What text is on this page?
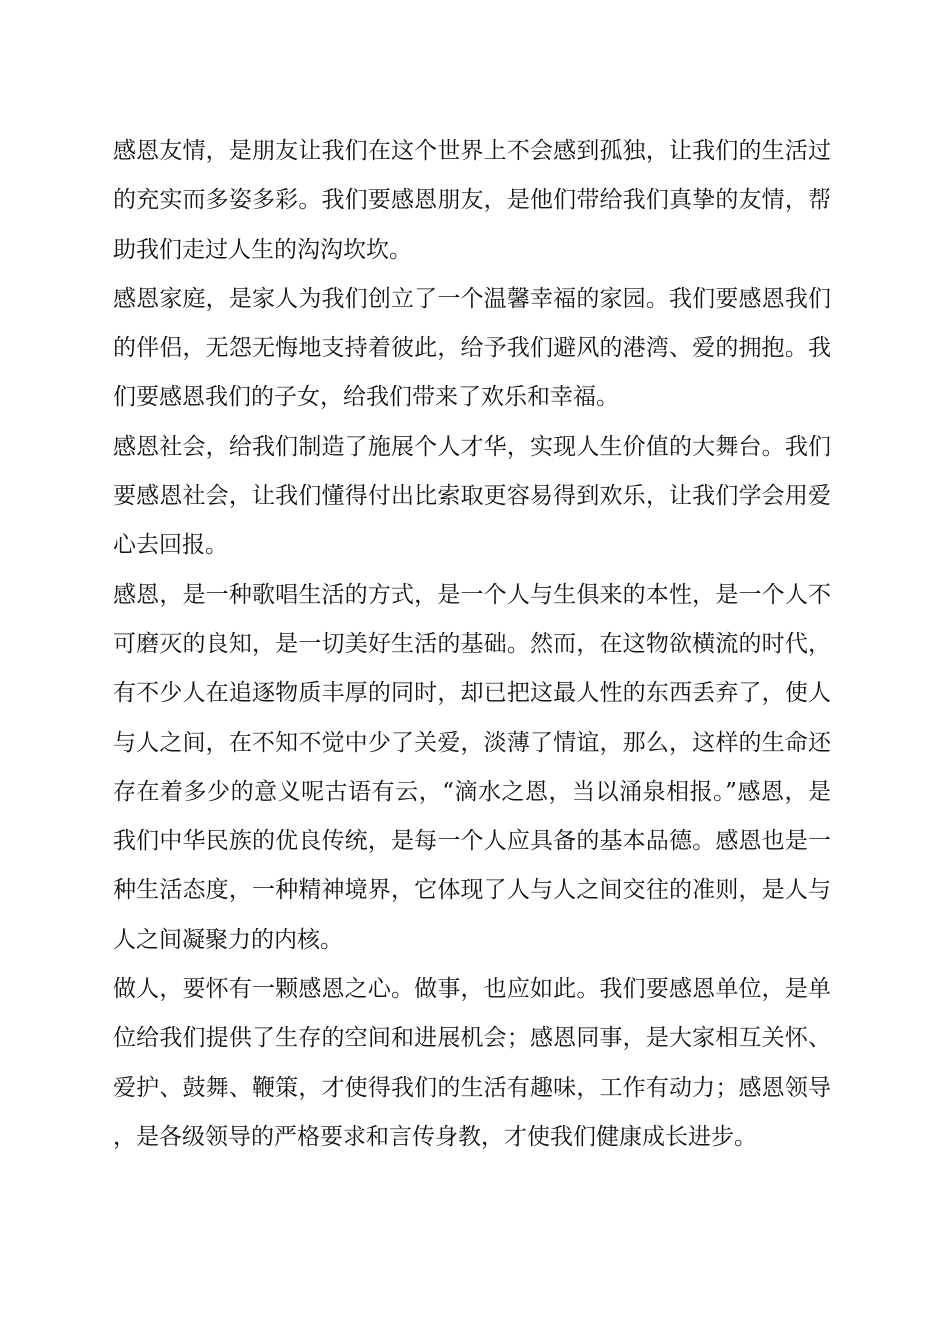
感恩友情，是朋友让我们在这个世界上不会感到孤独，让我们的生活过的充实而多姿多彩。我们要感恩朋友，是他们带给我们真挚的友情，帮助我们走过人生的沟沟坎坎。

感恩家庭，是家人为我们创立了一个温馨幸福的家园。我们要感恩我们的伴侣，无怨无悔地支持着彼此，给予我们避风的港湾、爱的拥抱。我们要感恩我们的子女，给我们带来了欢乐和幸福。

感恩社会，给我们制造了施展个人才华，实现人生价值的大舞台。我们要感恩社会，让我们懂得付出比索取更容易得到欢乐，让我们学会用爱心去回报。

感恩，是一种歌唱生活的方式，是一个人与生俱来的本性，是一个人不可磨灭的良知，是一切美好生活的基础。然而，在这物欲横流的时代，有不少人在追逐物质丰厚的同时，却已把这最人性的东西丢弃了，使人与人之间，在不知不觉中少了关爱，淡薄了情谊，那么，这样的生命还存在着多少的意义呢古语有云，“滴水之恩，当以涌泉相报。”感恩，是我们中华民族的优良传统，是每一个人应具备的基本品德。感恩也是一种生活态度，一种精神境界，它体现了人与人之间交往的准则，是人与人之间凝聚力的内核。

做人，要怀有一颗感恩之心。做事，也应如此。我们要感恩单位，是单位给我们提供了生存的空间和进展机会；感恩同事，是大家相互关怀、爱护、鼓舞、鞭策，才使得我们的生活有趣味，工作有动力；感恩领导，是各级领导的严格要求和言传身教，才使我们健康成长进步。
